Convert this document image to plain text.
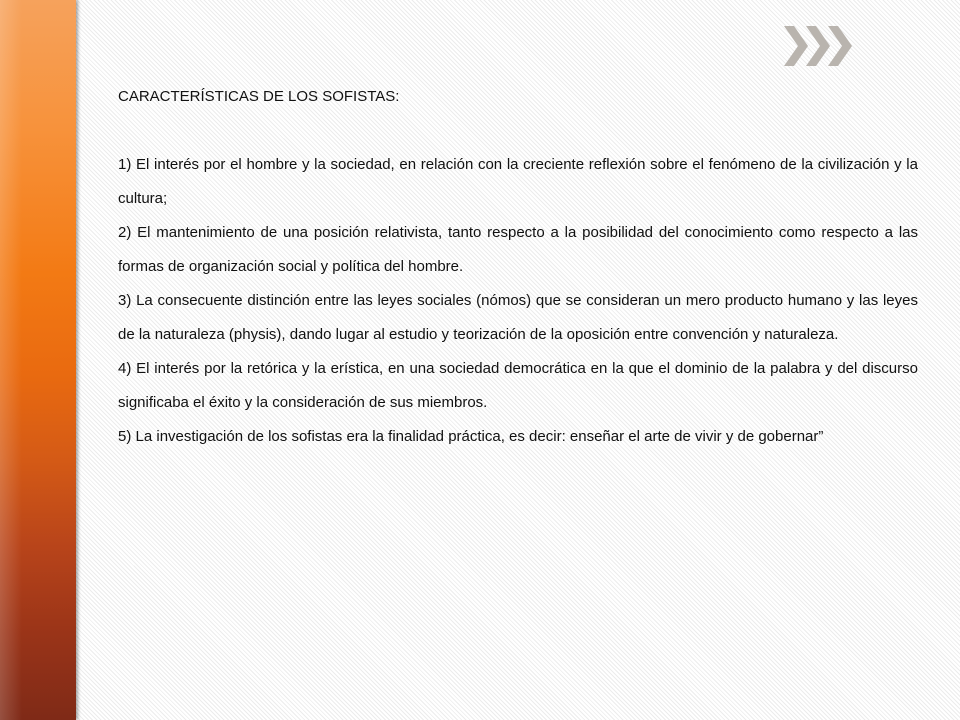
CARACTERÍSTICAS DE LOS SOFISTAS:

1) El interés por el hombre y la sociedad, en relación con la creciente reflexión sobre el fenómeno de la civilización y la cultura;

2) El mantenimiento de una posición relativista, tanto respecto a la posibilidad del conocimiento como respecto a las formas de organización social y política del hombre.

3) La consecuente distinción entre las leyes sociales (nómos) que se consideran un mero producto humano y las leyes de la naturaleza (physis), dando lugar al estudio y teorización de la oposición entre convención y naturaleza.

4) El interés por la retórica y la erística, en una sociedad democrática en la que el dominio de la palabra y del discurso significaba el éxito y la consideración de sus miembros.

5) La investigación de los sofistas era la finalidad práctica, es decir: enseñar el arte de vivir y de gobernar”
